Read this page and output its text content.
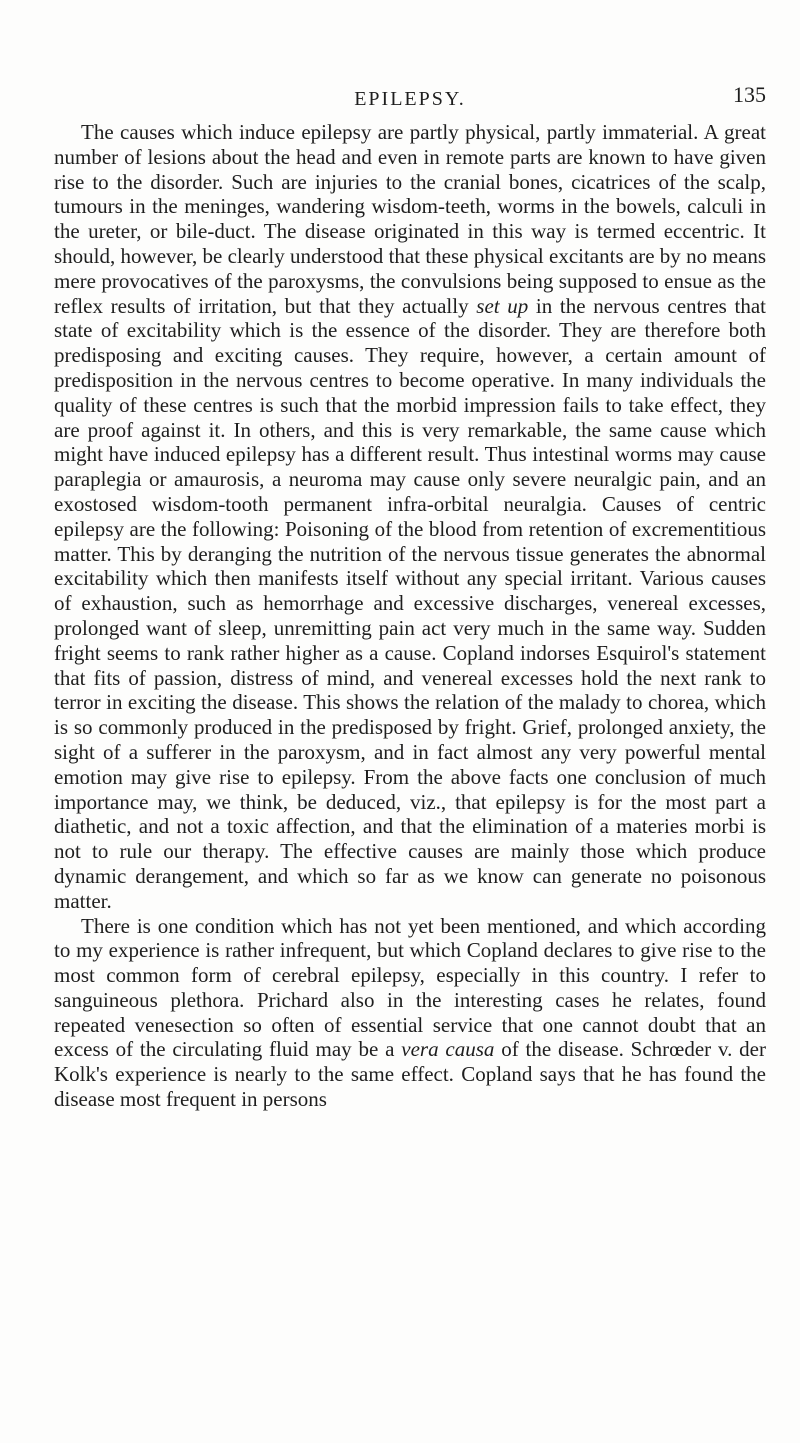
EPILEPSY.	135

The causes which induce epilepsy are partly physical, partly immaterial. A great number of lesions about the head and even in remote parts are known to have given rise to the disorder. Such are injuries to the cranial bones, cicatrices of the scalp, tumours in the meninges, wandering wisdom-teeth, worms in the bowels, calculi in the ureter, or bile-duct. The disease originated in this way is termed eccentric. It should, however, be clearly understood that these physical excitants are by no means mere provocatives of the paroxysms, the convulsions being supposed to ensue as the reflex results of irritation, but that they actually set up in the nervous centres that state of excitability which is the essence of the disorder. They are therefore both predisposing and exciting causes. They require, however, a certain amount of predisposition in the nervous centres to become operative. In many individuals the quality of these centres is such that the morbid impression fails to take effect, they are proof against it. In others, and this is very remarkable, the same cause which might have induced epilepsy has a different result. Thus intestinal worms may cause paraplegia or amaurosis, a neuroma may cause only severe neuralgic pain, and an exostosed wisdom-tooth permanent infra-orbital neuralgia. Causes of centric epilepsy are the following: Poisoning of the blood from retention of excrementitious matter. This by deranging the nutrition of the nervous tissue generates the abnormal excitability which then manifests itself without any special irritant. Various causes of exhaustion, such as hemorrhage and excessive discharges, venereal excesses, prolonged want of sleep, unremitting pain act very much in the same way. Sudden fright seems to rank rather higher as a cause. Copland indorses Esquirol's statement that fits of passion, distress of mind, and venereal excesses hold the next rank to terror in exciting the disease. This shows the relation of the malady to chorea, which is so commonly produced in the predisposed by fright. Grief, prolonged anxiety, the sight of a sufferer in the paroxysm, and in fact almost any very powerful mental emotion may give rise to epilepsy. From the above facts one conclusion of much importance may, we think, be deduced, viz., that epilepsy is for the most part a diathetic, and not a toxic affection, and that the elimination of a materies morbi is not to rule our therapy. The effective causes are mainly those which produce dynamic derangement, and which so far as we know can generate no poisonous matter.

There is one condition which has not yet been mentioned, and which according to my experience is rather infrequent, but which Copland declares to give rise to the most common form of cerebral epilepsy, especially in this country. I refer to sanguineous plethora. Prichard also in the interesting cases he relates, found repeated venesection so often of essential service that one cannot doubt that an excess of the circulating fluid may be a vera causa of the disease. Schrœder v. der Kolk's experience is nearly to the same effect. Copland says that he has found the disease most frequent in persons
